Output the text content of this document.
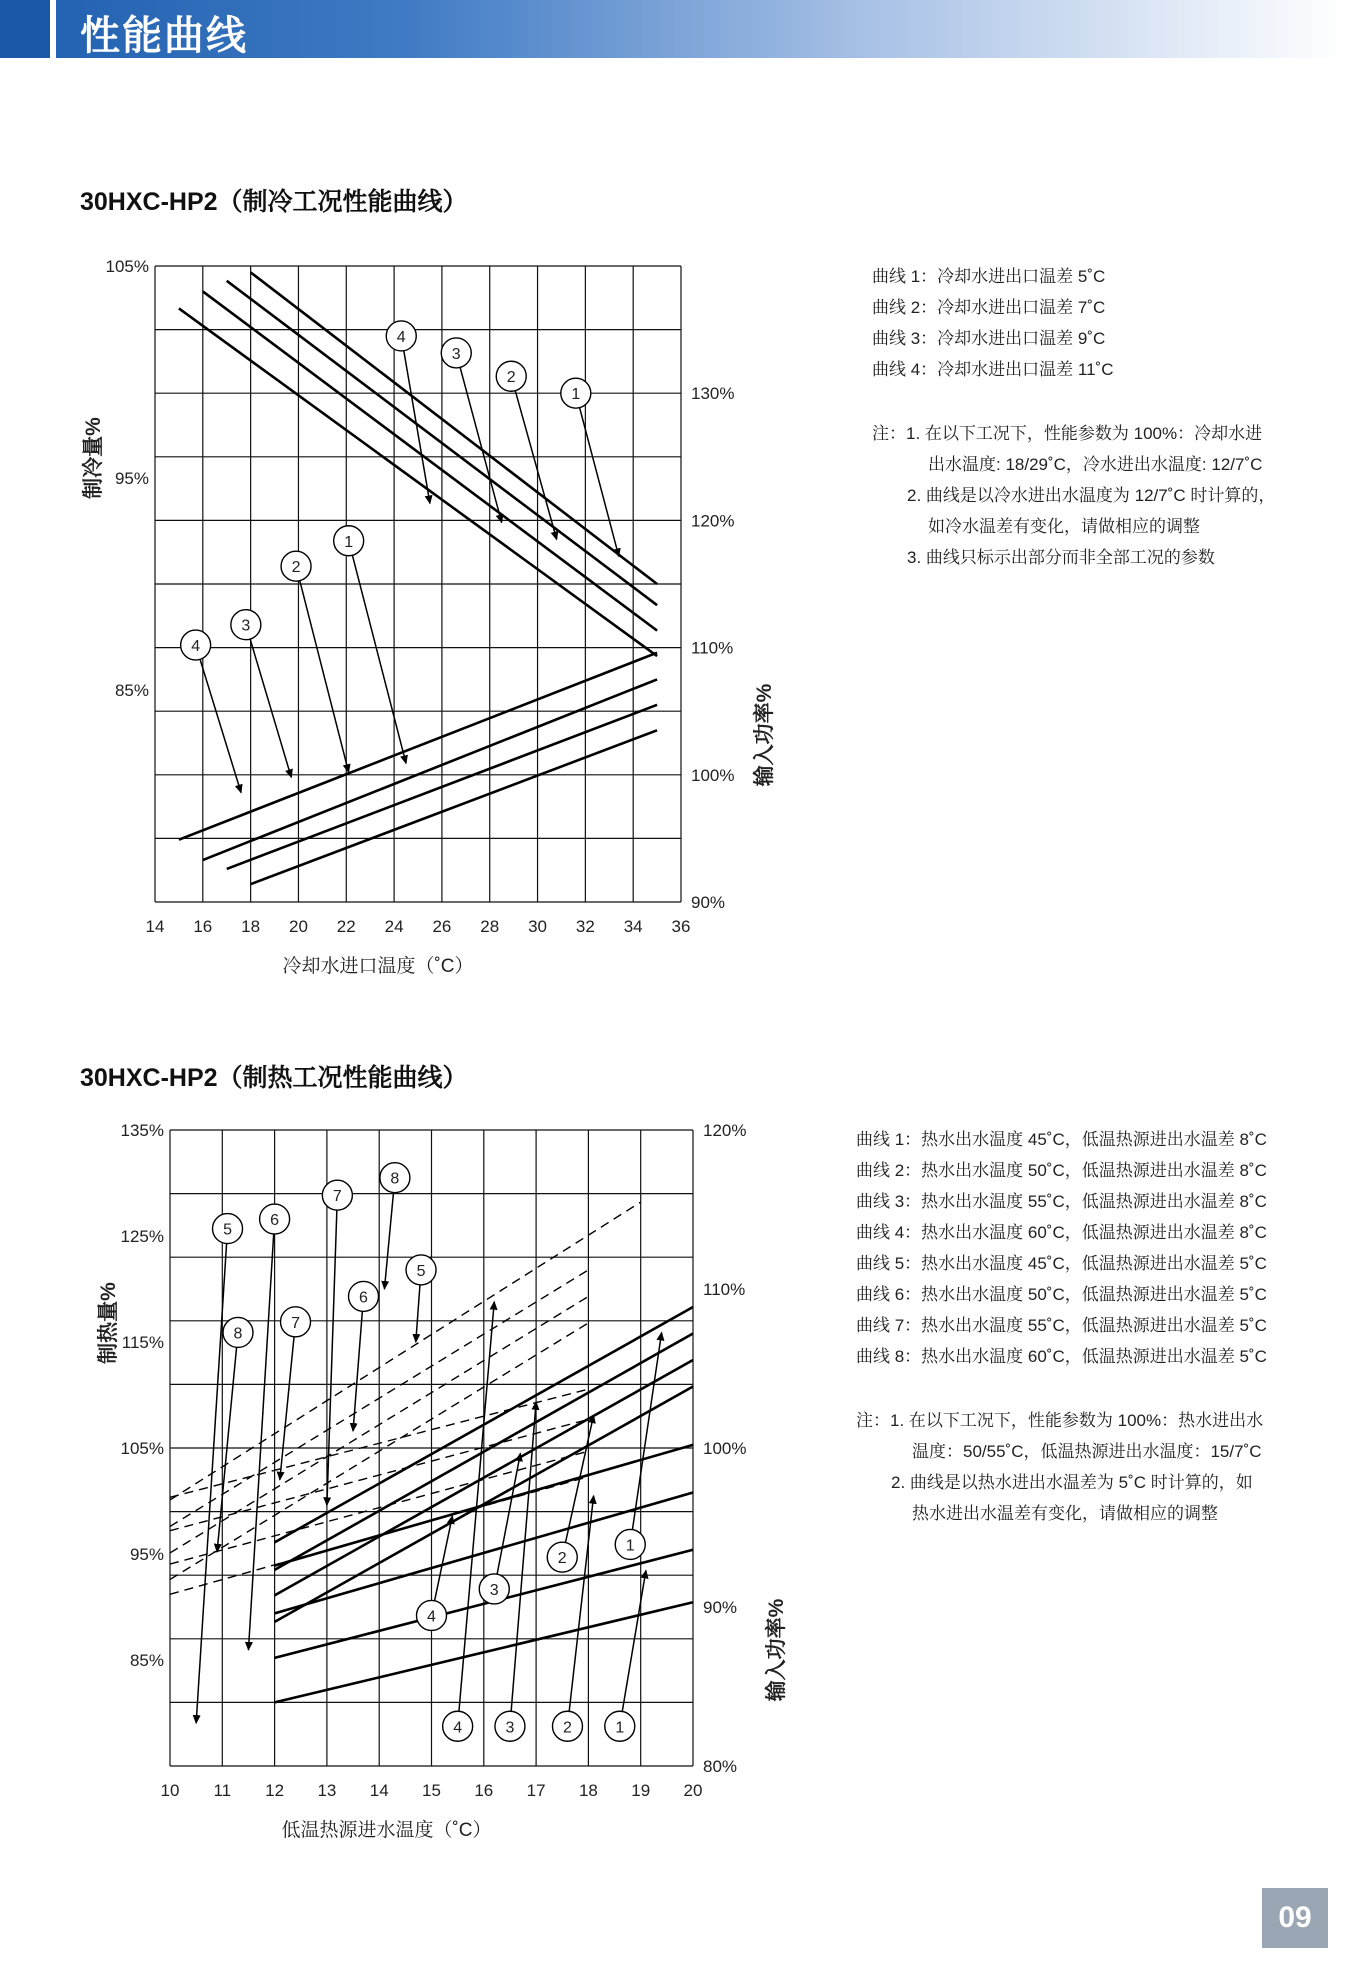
性能曲线
30HXC-HP2（制冷工况性能曲线）
14 16 18 20 22 24 26 28 30 32 34 36
冷却水进口温度（˚C）
105%
95%
85%
制冷量%
130%
120%
110%
100%
90%
输入功率%
4
3
2
1
1
2
3
4
曲线 1：冷却水进出口温差 5˚C
曲线 2：冷却水进出口温差 7˚C
曲线 3：冷却水进出口温差 9˚C
曲线 4：冷却水进出口温差 11˚C
注：1. 在以下工况下，性能参数为 100%：冷却水进
出水温度: 18/29˚C，冷水进出水温度: 12/7˚C
2. 曲线是以冷水进出水温度为 12/7˚C 时计算的，
如冷水温差有变化，请做相应的调整
3. 曲线只标示出部分而非全部工况的参数
30HXC-HP2（制热工况性能曲线）
10 11 12 13 14 15 16 17 18 19 20
低温热源进水温度（˚C）
135%
125%
115%
105%
95%
85%
制热量%
120%
110%
100%
90%
80%
输入功率%
8
7
6
5
4
3
2
1
5
6
7
8
4	3	2	1
曲线 1：热水出水温度 45˚C，低温热源进出水温差 8˚C
曲线 2：热水出水温度 50˚C，低温热源进出水温差 8˚C
曲线 3：热水出水温度 55˚C，低温热源进出水温差 8˚C
曲线 4：热水出水温度 60˚C，低温热源进出水温差 8˚C
曲线 5：热水出水温度 45˚C，低温热源进出水温差 5˚C
曲线 6：热水出水温度 50˚C，低温热源进出水温差 5˚C
曲线 7：热水出水温度 55˚C，低温热源进出水温差 5˚C
曲线 8：热水出水温度 60˚C，低温热源进出水温差 5˚C
注：1. 在以下工况下，性能参数为 100%：热水进出水
温度：50/55˚C，低温热源进出水温度：15/7˚C
2. 曲线是以热水进出水温差为 5˚C 时计算的，如
热水进出水温差有变化，请做相应的调整
09
